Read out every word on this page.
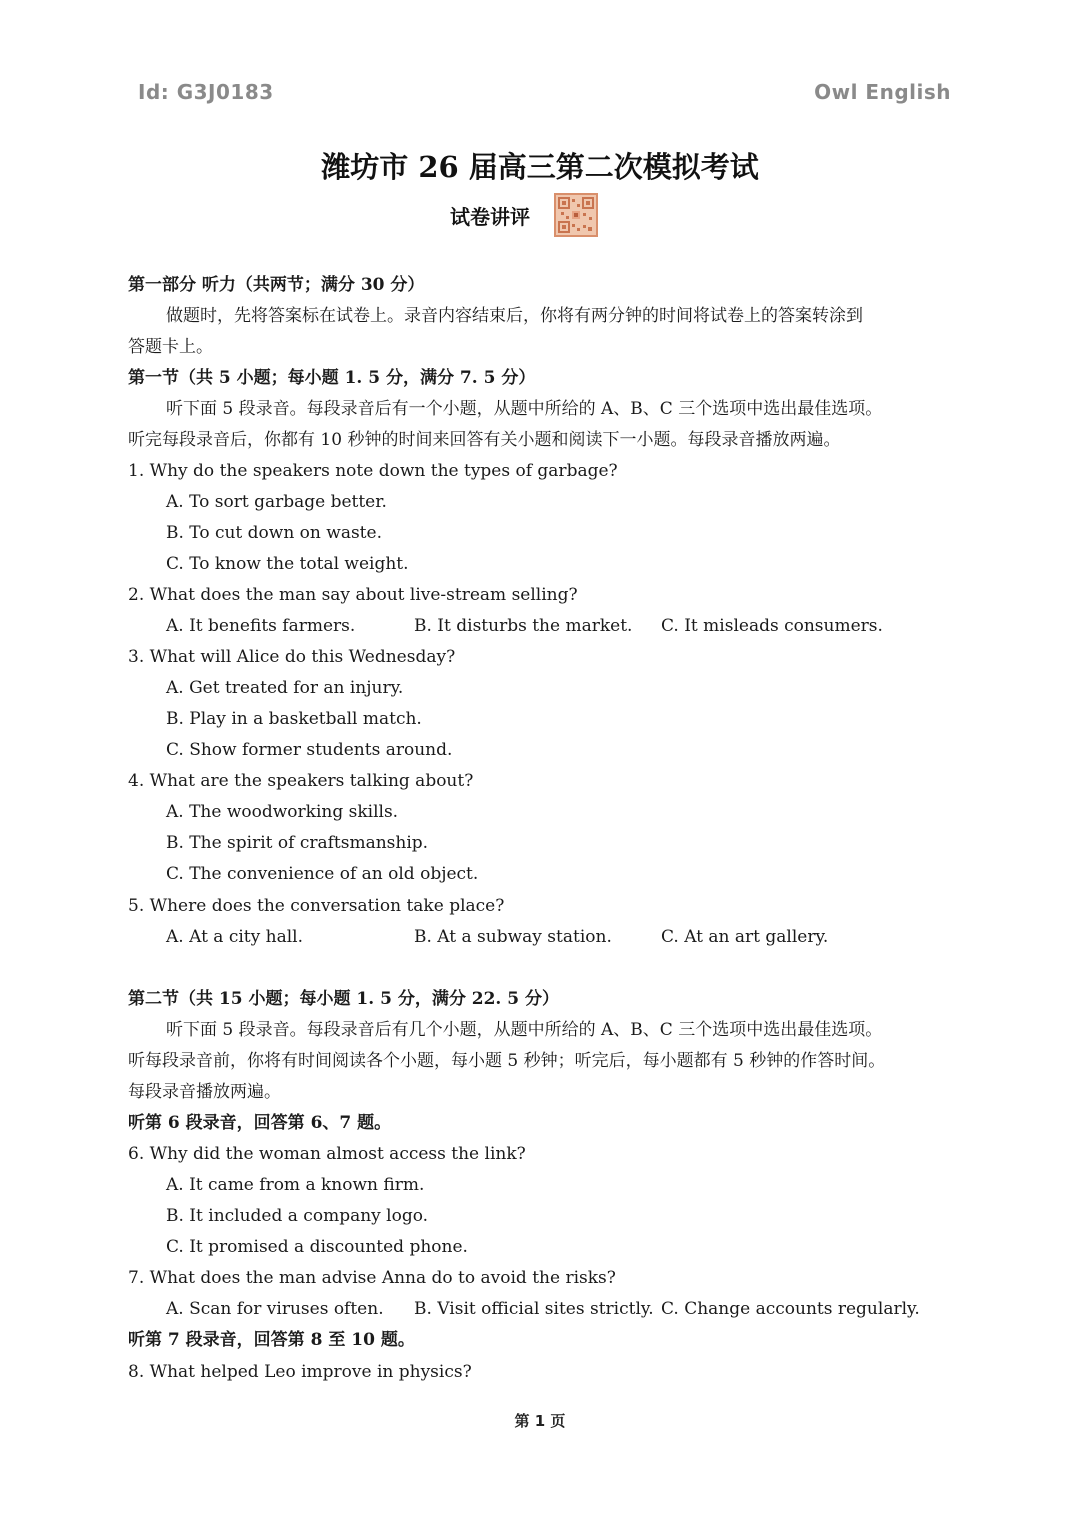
Id: G3J0183	Owl English
潍坊市 26 届高三第二次模拟考试
试卷讲评
第一部分 听力（共两节；满分 30 分）
做题时，先将答案标在试卷上。录音内容结束后，你将有两分钟的时间将试卷上的答案转涂到
答题卡上。
第一节（共 5 小题；每小题 1. 5 分，满分 7. 5 分）
听下面 5 段录音。每段录音后有一个小题，从题中所给的 A、B、C 三个选项中选出最佳选项。
听完每段录音后，你都有 10 秒钟的时间来回答有关小题和阅读下一小题。每段录音播放两遍。
1. Why do the speakers note down the types of garbage?
A. To sort garbage better.
B. To cut down on waste.
C. To know the total weight.
2. What does the man say about live-stream selling?
A. It benefits farmers.	B. It disturbs the market. C. It misleads consumers.
3. What will Alice do this Wednesday?
A. Get treated for an injury.
B. Play in a basketball match.
C. Show former students around.
4. What are the speakers talking about?
A. The woodworking skills.
B. The spirit of craftsmanship.
C. The convenience of an old object.
5. Where does the conversation take place?
A. At a city hall.	B. At a subway station.	C. At an art gallery.
第二节（共 15 小题；每小题 1. 5 分，满分 22. 5 分）
听下面 5 段录音。每段录音后有几个小题，从题中所给的 A、B、C 三个选项中选出最佳选项。
听每段录音前，你将有时间阅读各个小题，每小题 5 秒钟；听完后，每小题都有 5 秒钟的作答时间。
每段录音播放两遍。
听第 6 段录音，回答第 6、7 题。
6. Why did the woman almost access the link?
A. It came from a known firm.
B. It included a company logo.
C. It promised a discounted phone.
7. What does the man advise Anna do to avoid the risks?
A. Scan for viruses often. B. Visit official sites strictly. C. Change accounts regularly.
听第 7 段录音，回答第 8 至 10 题。
8. What helped Leo improve in physics?
第 1 页
